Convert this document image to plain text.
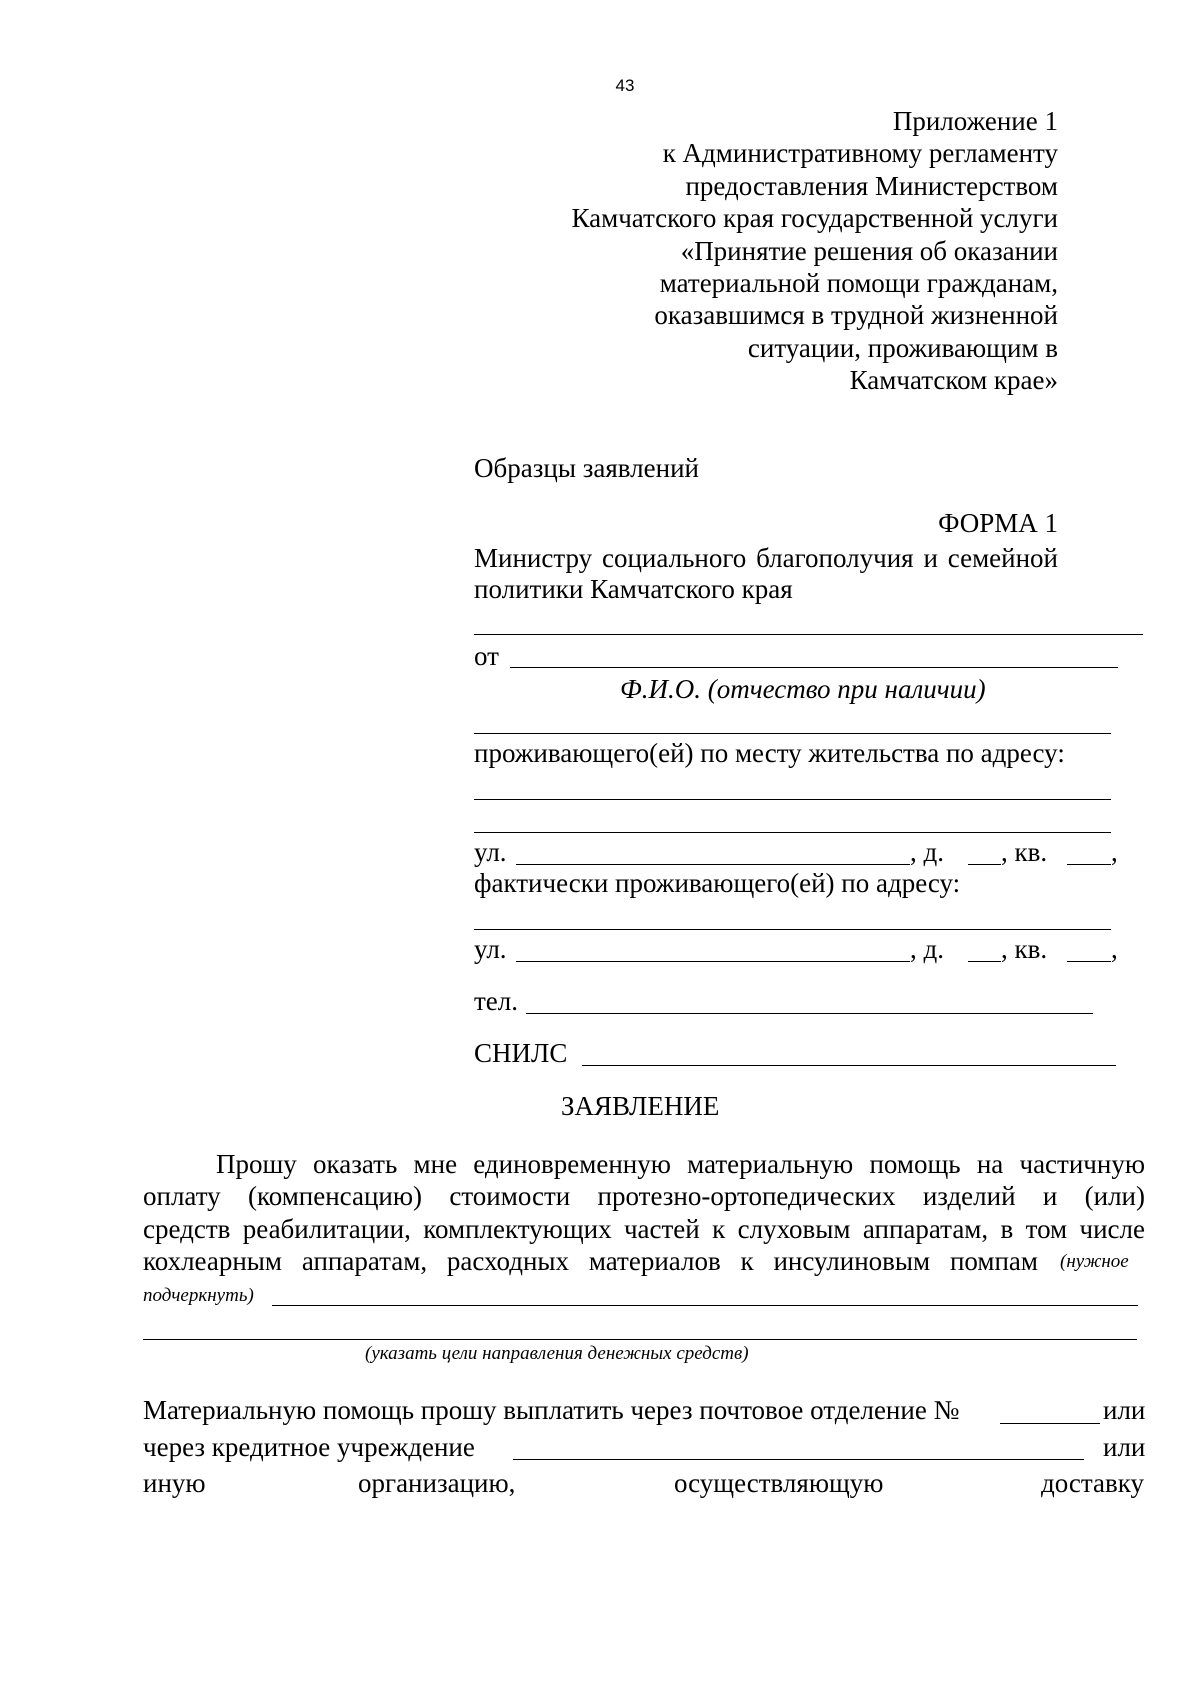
43
Приложение 1
к Административному регламенту
предоставления Министерством
Камчатского края государственной услуги
«Принятие решения об оказании
материальной помощи гражданам,
оказавшимся в трудной жизненной
ситуации, проживающим в
Камчатском крае»
Образцы заявлений
ФОРМА 1
Министру социального благополучия и семейной
политики Камчатского края
от
Ф.И.О. (отчество при наличии)
проживающего(ей) по месту жительства по адресу:
ул.	, д. , кв. ,
фактически проживающего(ей) по адресу:
ул.	, д. , кв. ,
тел.
СНИЛС
ЗАЯВЛЕНИЕ
Прошу оказать мне единовременную материальную помощь на частичную
оплату (компенсацию) стоимости протезно-ортопедических изделий и (или)
средств реабилитации, комплектующих частей к слуховым аппаратам, в том числе
кохлеарным аппаратам, расходных материалов к инсулиновым помпам (нужное
подчеркнуть)
(указать цели направления денежных средств)
Материальную помощь прошу выплатить через почтовое отделение №	или
через кредитное учреждение	или
иную	организацию,	осуществляющую	доставку
